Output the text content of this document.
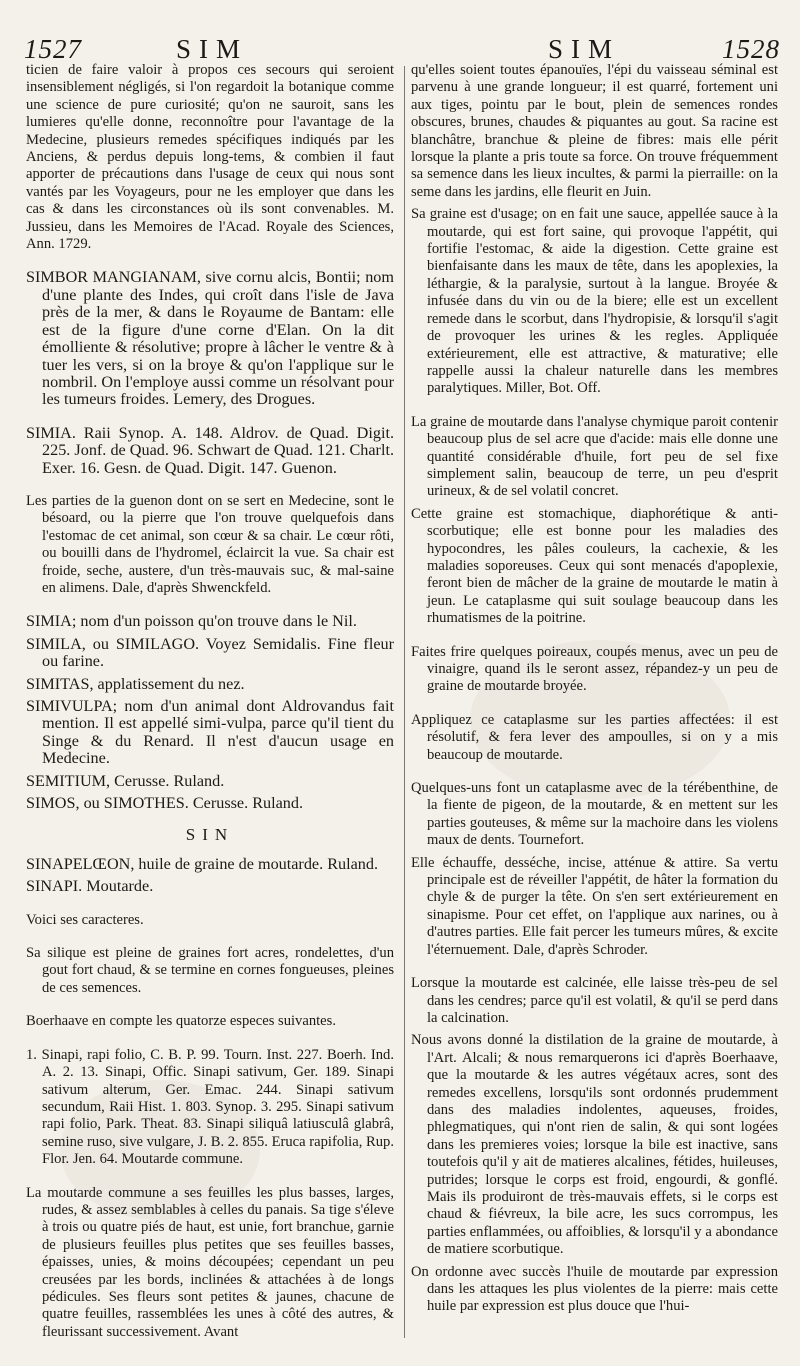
1527	SIM	SIM	1528

ticien de faire valoir à propos ces secours qui seroient insensiblement négligés, si l'on regardoit la botanique comme une science de pure curiosité; qu'on ne sauroit, sans les lumieres qu'elle donne, reconnoître pour l'avantage de la Medecine, plusieurs remedes spécifiques indiqués par les Anciens, & perdus depuis long-tems, & combien il faut apporter de précautions dans l'usage de ceux qui nous sont vantés par les Voyageurs, pour ne les employer que dans les cas & dans les circonstances où ils sont convenables. M. Jussieu, dans les Memoires de l'Acad. Royale des Sciences, Ann. 1729.

SIMBOR MANGIANAM, sive cornu alcis, Bontii; nom d'une plante des Indes, qui croît dans l'isle de Java près de la mer, & dans le Royaume de Bantam: elle est de la figure d'une corne d'Elan. On la dit émolliente & résolutive; propre à lâcher le ventre & à tuer les vers, si on la broye & qu'on l'applique sur le nombril. On l'employe aussi comme un résolvant pour les tumeurs froides. Lemery, des Drogues.

SIMIA. Raii Synop. A. 148. Aldrov. de Quad. Digit. 225. Jonf. de Quad. 96. Schwart de Quad. 121. Charlt. Exer. 16. Gesn. de Quad. Digit. 147. Guenon.

Les parties de la guenon dont on se sert en Medecine, sont le bésoard, ou la pierre que l'on trouve quelquefois dans l'estomac de cet animal, son cœur & sa chair. Le cœur rôti, ou bouilli dans de l'hydromel, éclaircit la vue. Sa chair est froide, seche, austere, d'un très-mauvais suc, & mal-saine en alimens. Dale, d'après Shwenckfeld.

SIMIA; nom d'un poisson qu'on trouve dans le Nil.

SIMILA, ou SIMILAGO. Voyez Semidalis. Fine fleur ou farine.

SIMITAS, applatissement du nez.

SIMIVULPA; nom d'un animal dont Aldrovandus fait mention. Il est appellé simi-vulpa, parce qu'il tient du Singe & du Renard. Il n'est d'aucun usage en Medecine.

SEMITIUM, Cerusse. Ruland.

SIMOS, ou SIMOTHES. Cerusse. Ruland.

SIN

SINAPELŒON, huile de graine de moutarde. Ruland.

SINAPI. Moutarde.

Voici ses caracteres.

Sa silique est pleine de graines fort acres, rondelettes, d'un gout fort chaud, & se termine en cornes fongueuses, pleines de ces semences.

Boerhaave en compte les quatorze especes suivantes.

1. Sinapi, rapi folio, C. B. P. 99. Tourn. Inst. 227. Boerh. Ind. A. 2. 13. Sinapi, Offic. Sinapi sativum, Ger. 189. Sinapi sativum alterum, Ger. Emac. 244. Sinapi sativum secundum, Raii Hist. 1. 803. Synop. 3. 295. Sinapi sativum rapi folio, Park. Theat. 83. Sinapi siliquâ latiusculâ glabrâ, semine ruso, sive vulgare, J. B. 2. 855. Eruca rapifolia, Rup. Flor. Jen. 64. Moutarde commune.

La moutarde commune a ses feuilles les plus basses, larges, rudes, & assez semblables à celles du panais. Sa tige s'éleve à trois ou quatre piés de haut, est unie, fort branchue, garnie de plusieurs feuilles plus petites que ses feuilles basses, épaisses, unies, & moins découpées; cependant un peu creusées par les bords, inclinées & attachées à de longs pédicules. Ses fleurs sont petites & jaunes, chacune de quatre feuilles, rassemblées les unes à côté des autres, & fleurissant successivement. Avant

qu'elles soient toutes épanouïes, l'épi du vaisseau séminal est parvenu à une grande longueur; il est quarré, fortement uni aux tiges, pointu par le bout, plein de semences rondes obscures, brunes, chaudes & piquantes au gout. Sa racine est blanchâtre, branchue & pleine de fibres: mais elle périt lorsque la plante a pris toute sa force. On trouve fréquemment sa semence dans les lieux incultes, & parmi la pierraille: on la seme dans les jardins, elle fleurit en Juin.

Sa graine est d'usage; on en fait une sauce, appellée sauce à la moutarde, qui est fort saine, qui provoque l'appétit, qui fortifie l'estomac, & aide la digestion. Cette graine est bienfaisante dans les maux de tête, dans les apoplexies, la léthargie, & la paralysie, surtout à la langue. Broyée & infusée dans du vin ou de la biere; elle est un excellent remede dans le scorbut, dans l'hydropisie, & lorsqu'il s'agit de provoquer les urines & les regles. Appliquée extérieurement, elle est attractive, & maturative; elle rappelle aussi la chaleur naturelle dans les membres paralytiques. Miller, Bot. Off.

La graine de moutarde dans l'analyse chymique paroit contenir beaucoup plus de sel acre que d'acide: mais elle donne une quantité considérable d'huile, fort peu de sel fixe simplement salin, beaucoup de terre, un peu d'esprit urineux, & de sel volatil concret.

Cette graine est stomachique, diaphorétique & anti-scorbutique; elle est bonne pour les maladies des hypocondres, les pâles couleurs, la cachexie, & les maladies soporeuses. Ceux qui sont menacés d'apoplexie, feront bien de mâcher de la graine de moutarde le matin à jeun. Le cataplasme qui suit soulage beaucoup dans les rhumatismes de la poitrine.

Faites frire quelques poireaux, coupés menus, avec un peu de vinaigre, quand ils le seront assez, répandez-y un peu de graine de moutarde broyée.

Appliquez ce cataplasme sur les parties affectées: il est résolutif, & fera lever des ampoulles, si on y a mis beaucoup de moutarde.

Quelques-uns font un cataplasme avec de la térébenthine, de la fiente de pigeon, de la moutarde, & en mettent sur les parties gouteuses, & même sur la machoire dans les violens maux de dents. Tournefort.

Elle échauffe, desséche, incise, atténue & attire. Sa vertu principale est de réveiller l'appétit, de hâter la formation du chyle & de purger la tête. On s'en sert extérieurement en sinapisme. Pour cet effet, on l'applique aux narines, ou à d'autres parties. Elle fait percer les tumeurs mûres, & excite l'éternuement. Dale, d'après Schroder.

Lorsque la moutarde est calcinée, elle laisse très-peu de sel dans les cendres; parce qu'il est volatil, & qu'il se perd dans la calcination.

Nous avons donné la distilation de la graine de moutarde, à l'Art. Alcali; & nous remarquerons ici d'après Boerhaave, que la moutarde & les autres végétaux acres, sont des remedes excellens, lorsqu'ils sont ordonnés prudemment dans des maladies indolentes, aqueuses, froides, phlegmatiques, qui n'ont rien de salin, & qui sont logées dans les premieres voies; lorsque la bile est inactive, sans toutefois qu'il y ait de matieres alcalines, fétides, huileuses, putrides; lorsque le corps est froid, engourdi, & gonflé. Mais ils produiront de très-mauvais effets, si le corps est chaud & fiévreux, la bile acre, les sucs corrompus, les parties enflammées, ou affoiblies, & lorsqu'il y a abondance de matiere scorbutique.

On ordonne avec succès l'huile de moutarde par expression dans les attaques les plus violentes de la pierre: mais cette huile par expression est plus douce que l'hui-
